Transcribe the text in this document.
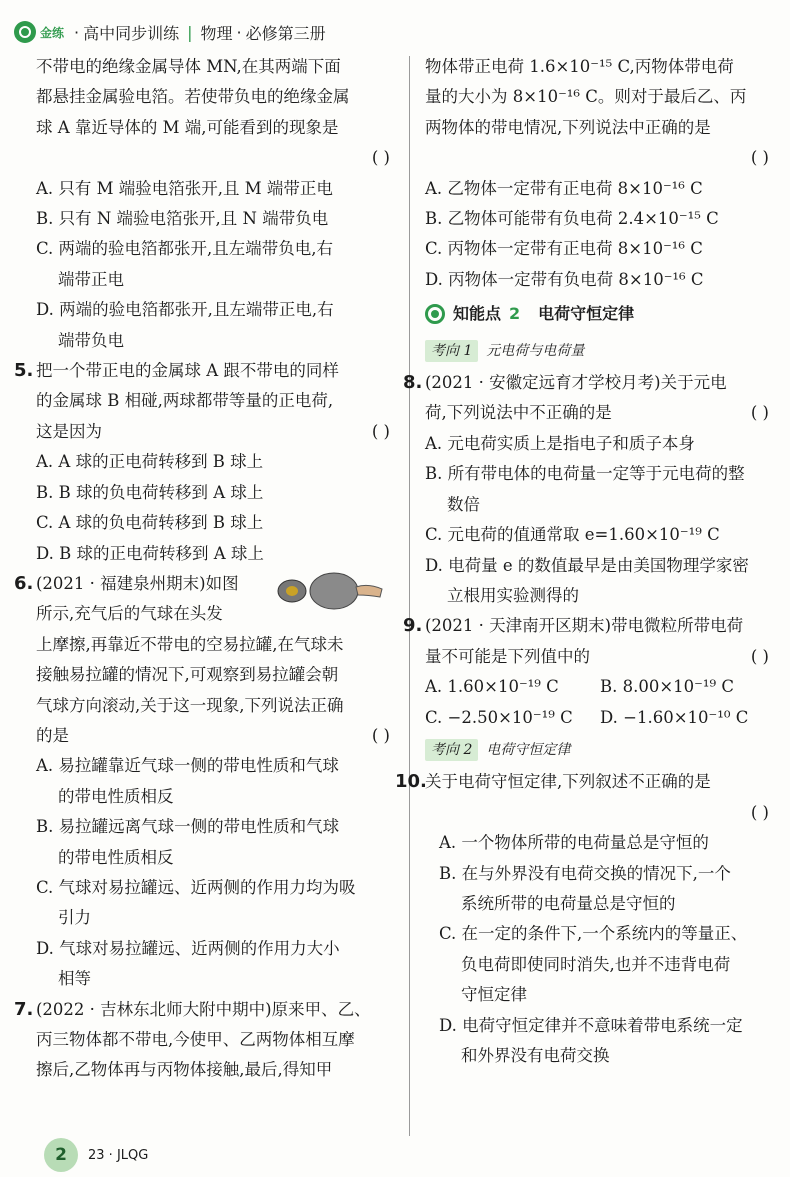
金练 · 高中同步训练 | 物理 · 必修第三册

不带电的绝缘金属导体 MN,在其两端下面

都悬挂金属验电箔。若使带负电的绝缘金属

球 A 靠近导体的 M 端,可能看到的现象是

( )

A. 只有 M 端验电箔张开,且 M 端带正电

B. 只有 N 端验电箔张开,且 N 端带负电

C. 两端的验电箔都张开,且左端带负电,右

端带正电

D. 两端的验电箔都张开,且左端带正电,右

端带负电

5. 把一个带正电的金属球 A 跟不带电的同样

的金属球 B 相碰,两球都带等量的正电荷,

这是因为	( )

A. A 球的正电荷转移到 B 球上

B. B 球的负电荷转移到 A 球上

C. A 球的负电荷转移到 B 球上

D. B 球的正电荷转移到 A 球上

6. (2021 · 福建泉州期末)如图

所示,充气后的气球在头发

上摩擦,再靠近不带电的空易拉罐,在气球未

接触易拉罐的情况下,可观察到易拉罐会朝

气球方向滚动,关于这一现象,下列说法正确

的是	( )

A. 易拉罐靠近气球一侧的带电性质和气球

的带电性质相反

B. 易拉罐远离气球一侧的带电性质和气球

的带电性质相反

C. 气球对易拉罐远、近两侧的作用力均为吸

引力

D. 气球对易拉罐远、近两侧的作用力大小

相等

7. (2022 · 吉林东北师大附中期中)原来甲、乙、

丙三物体都不带电,今使甲、乙两物体相互摩

擦后,乙物体再与丙物体接触,最后,得知甲

物体带正电荷 1.6×10⁻¹⁵ C,丙物体带电荷

量的大小为 8×10⁻¹⁶ C。则对于最后乙、丙

两物体的带电情况,下列说法中正确的是

( )

A. 乙物体一定带有正电荷 8×10⁻¹⁶ C

B. 乙物体可能带有负电荷 2.4×10⁻¹⁵ C

C. 丙物体一定带有正电荷 8×10⁻¹⁶ C

D. 丙物体一定带有负电荷 8×10⁻¹⁶ C

知能点 2 电荷守恒定律
考向 1	元电荷与电荷量

8. (2021 · 安徽定远育才学校月考)关于元电

荷,下列说法中不正确的是	( )

A. 元电荷实质上是指电子和质子本身

B. 所有带电体的电荷量一定等于元电荷的整

数倍

C. 元电荷的值通常取 e=1.60×10⁻¹⁹ C

D. 电荷量 e 的数值最早是由美国物理学家密

立根用实验测得的

9. (2021 · 天津南开区期末)带电微粒所带电荷

量不可能是下列值中的	( )

A. 1.60×10⁻¹⁹ C	B. 8.00×10⁻¹⁹ C

C. −2.50×10⁻¹⁹ C	D. −1.60×10⁻¹⁰ C

考向 2	电荷守恒定律

10.关于电荷守恒定律,下列叙述不正确的是

( )

A. 一个物体所带的电荷量总是守恒的

B. 在与外界没有电荷交换的情况下,一个

系统所带的电荷量总是守恒的

C. 在一定的条件下,一个系统内的等量正、

负电荷即使同时消失,也并不违背电荷

守恒定律

D. 电荷守恒定律并不意味着带电系统一定

和外界没有电荷交换

2	23 · JLQG
